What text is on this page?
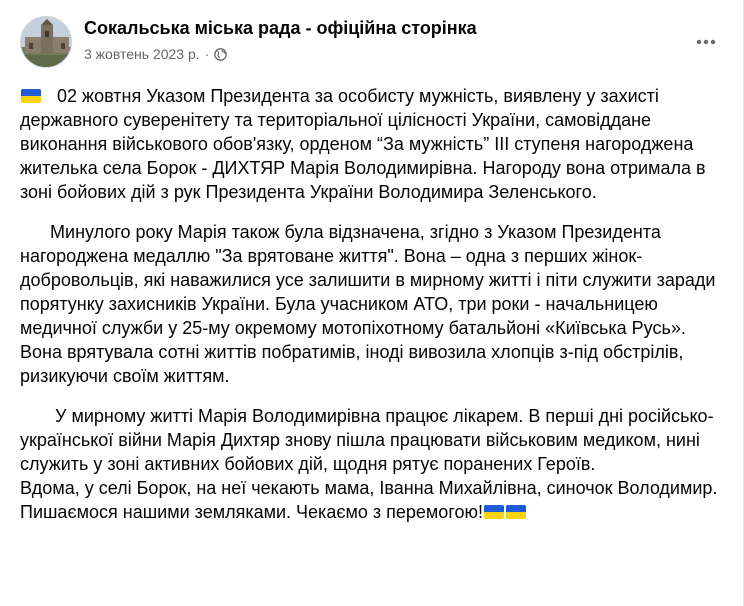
Сокальська міська рада - офіційна сторінка
3 жовтень 2023 р. ·

02 жовтня Указом Президента за особисту мужність, виявлену у захисті державного суверенітету та територіальної цілісності України, самовіддане виконання військового обов'язку, орденом “За мужність” ІІІ ступеня нагороджена жителька села Борок - ДИХТЯР Марія Володимирівна. Нагороду вона отримала в зоні бойових дій з рук Президента України Володимира Зеленського.

Минулого року Марія також була відзначена, згідно з Указом Президента нагороджена медаллю "За врятоване життя". Вона – одна з перших жінок-добровольців, які наважилися усе залишити в мирному житті і піти служити заради порятунку захисників України. Була учасником АТО, три роки - начальницею медичної служби у 25-му окремому мотопіхотному батальйоні «Київська Русь». Вона врятувала сотні життів побратимів, іноді вивозила хлопців з-під обстрілів, ризикуючи своїм життям.

У мирному житті Марія Володимирівна працює лікарем. В перші дні російсько-української війни Марія Дихтяр знову пішла працювати військовим медиком, нині служить у зоні активних бойових дій, щодня рятує поранених Героїв.

Вдома, у селі Борок, на неї чекають мама, Іванна Михайлівна, синочок Володимир.

Пишаємося нашими земляками. Чекаємо з перемогою!
